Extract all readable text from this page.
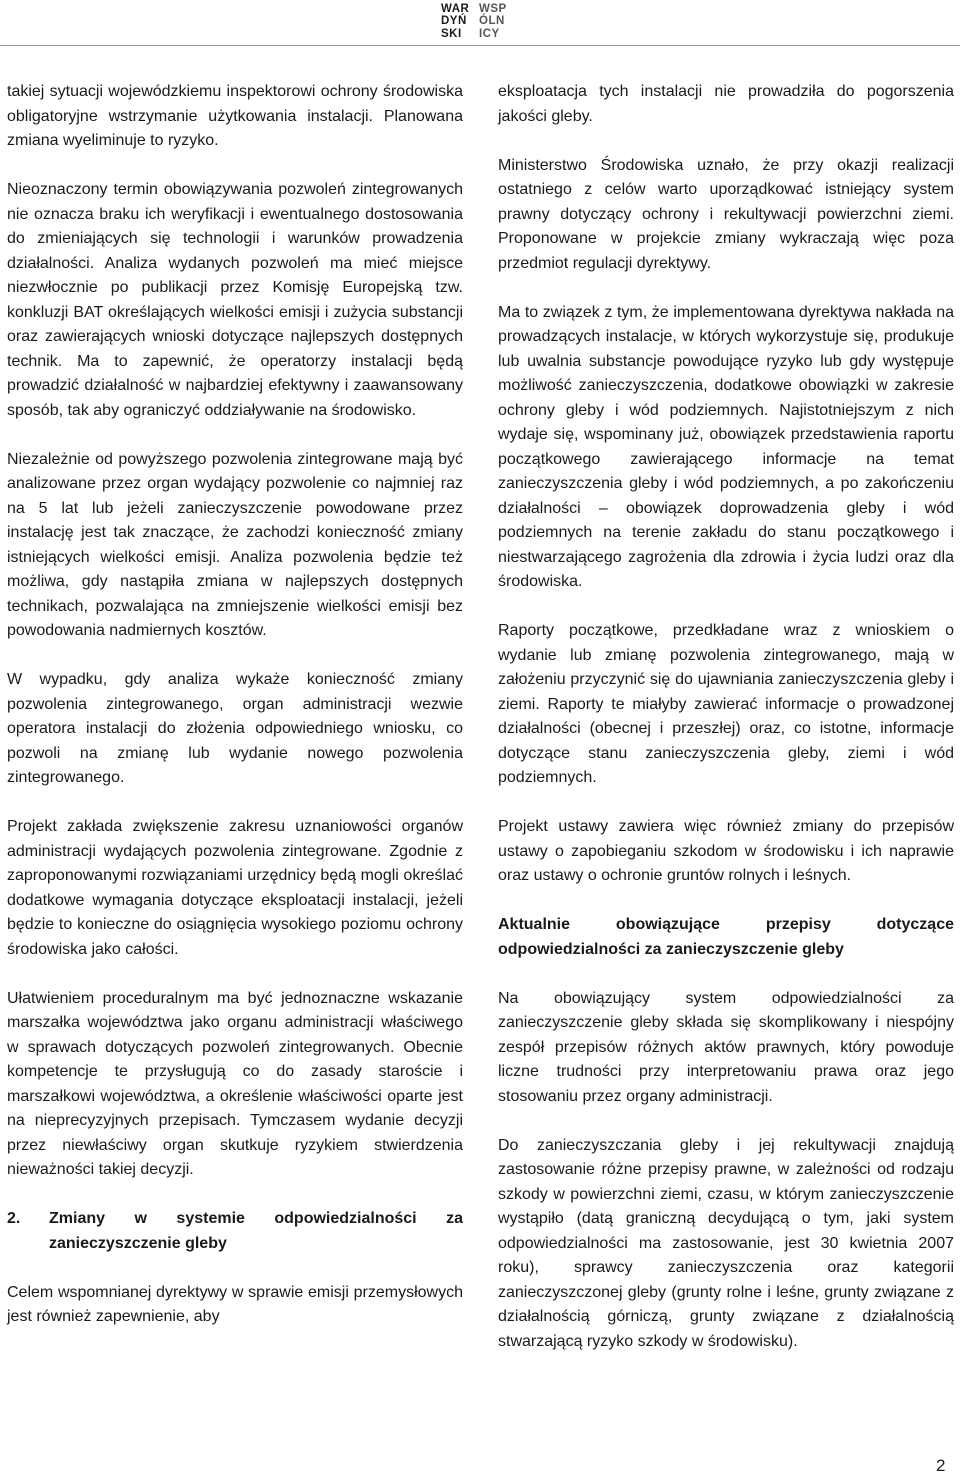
WAR WSP
DYŃ	ÓLN
SKI	ICY

takiej sytuacji wojewódzkiemu inspektorowi ochrony środowiska obligatoryjne wstrzymanie użytkowania instalacji. Planowana zmiana wyeliminuje to ryzyko.

Nieoznaczony termin obowiązywania pozwoleń zintegrowanych nie oznacza braku ich weryfikacji i ewentualnego dostosowania do zmieniających się technologii i warunków prowadzenia działalności. Analiza wydanych pozwoleń ma mieć miejsce niezwłocznie po publikacji przez Komisję Europejską tzw. konkluzji BAT określających wielkości emisji i zużycia substancji oraz zawierających wnioski dotyczące najlepszych dostępnych technik. Ma to zapewnić, że operatorzy instalacji będą prowadzić działalność w najbardziej efektywny i zaawansowany sposób, tak aby ograniczyć oddziaływanie na środowisko.

Niezależnie od powyższego pozwolenia zintegrowane mają być analizowane przez organ wydający pozwolenie co najmniej raz na 5 lat lub jeżeli zanieczyszczenie powodowane przez instalację jest tak znaczące, że zachodzi konieczność zmiany istniejących wielkości emisji. Analiza pozwolenia będzie też możliwa, gdy nastąpiła zmiana w najlepszych dostępnych technikach, pozwalająca na zmniejszenie wielkości emisji bez powodowania nadmiernych kosztów.

W wypadku, gdy analiza wykaże konieczność zmiany pozwolenia zintegrowanego, organ administracji wezwie operatora instalacji do złożenia odpowiedniego wniosku, co pozwoli na zmianę lub wydanie nowego pozwolenia zintegrowanego.

Projekt zakłada zwiększenie zakresu uznaniowości organów administracji wydających pozwolenia zintegrowane. Zgodnie z zaproponowanymi rozwiązaniami urzędnicy będą mogli określać dodatkowe wymagania dotyczące eksploatacji instalacji, jeżeli będzie to konieczne do osiągnięcia wysokiego poziomu ochrony środowiska jako całości.

Ułatwieniem proceduralnym ma być jednoznaczne wskazanie marszałka województwa jako organu administracji właściwego w sprawach dotyczących pozwoleń zintegrowanych. Obecnie kompetencje te przysługują co do zasady staroście i marszałkowi województwa, a określenie właściwości oparte jest na nieprecyzyjnych przepisach. Tymczasem wydanie decyzji przez niewłaściwy organ skutkuje ryzykiem stwierdzenia nieważności takiej decyzji.

2.	Zmiany w systemie odpowiedzialności za zanieczyszczenie gleby

Celem wspomnianej dyrektywy w sprawie emisji przemysłowych jest również zapewnienie, aby

eksploatacja tych instalacji nie prowadziła do pogorszenia jakości gleby.

Ministerstwo Środowiska uznało, że przy okazji realizacji ostatniego z celów warto uporządkować istniejący system prawny dotyczący ochrony i rekultywacji powierzchni ziemi. Proponowane w projekcie zmiany wykraczają więc poza przedmiot regulacji dyrektywy.

Ma to związek z tym, że implementowana dyrektywa nakłada na prowadzących instalacje, w których wykorzystuje się, produkuje lub uwalnia substancje powodujące ryzyko lub gdy występuje możliwość zanieczyszczenia, dodatkowe obowiązki w zakresie ochrony gleby i wód podziemnych. Najistotniejszym z nich wydaje się, wspominany już, obowiązek przedstawienia raportu początkowego zawierającego informacje na temat zanieczyszczenia gleby i wód podziemnych, a po zakończeniu działalności – obowiązek doprowadzenia gleby i wód podziemnych na terenie zakładu do stanu początkowego i niestwarzającego zagrożenia dla zdrowia i życia ludzi oraz dla środowiska.

Raporty początkowe, przedkładane wraz z wnioskiem o wydanie lub zmianę pozwolenia zintegrowanego, mają w założeniu przyczynić się do ujawniania zanieczyszczenia gleby i ziemi. Raporty te miałyby zawierać informacje o prowadzonej działalności (obecnej i przeszłej) oraz, co istotne, informacje dotyczące stanu zanieczyszczenia gleby, ziemi i wód podziemnych.

Projekt ustawy zawiera więc również zmiany do przepisów ustawy o zapobieganiu szkodom w środowisku i ich naprawie oraz ustawy o ochronie gruntów rolnych i leśnych.

Aktualnie obowiązujące przepisy dotyczące odpowiedzialności za zanieczyszczenie gleby

Na obowiązujący system odpowiedzialności za zanieczyszczenie gleby składa się skomplikowany i niespójny zespół przepisów różnych aktów prawnych, który powoduje liczne trudności przy interpretowaniu prawa oraz jego stosowaniu przez organy administracji.

Do zanieczyszczania gleby i jej rekultywacji znajdują zastosowanie różne przepisy prawne, w zależności od rodzaju szkody w powierzchni ziemi, czasu, w którym zanieczyszczenie wystąpiło (datą graniczną decydującą o tym, jaki system odpowiedzialności ma zastosowanie, jest 30 kwietnia 2007 roku), sprawcy zanieczyszczenia oraz kategorii zanieczyszczonej gleby (grunty rolne i leśne, grunty związane z działalnością górniczą, grunty związane z działalnością stwarzającą ryzyko szkody w środowisku).

2
